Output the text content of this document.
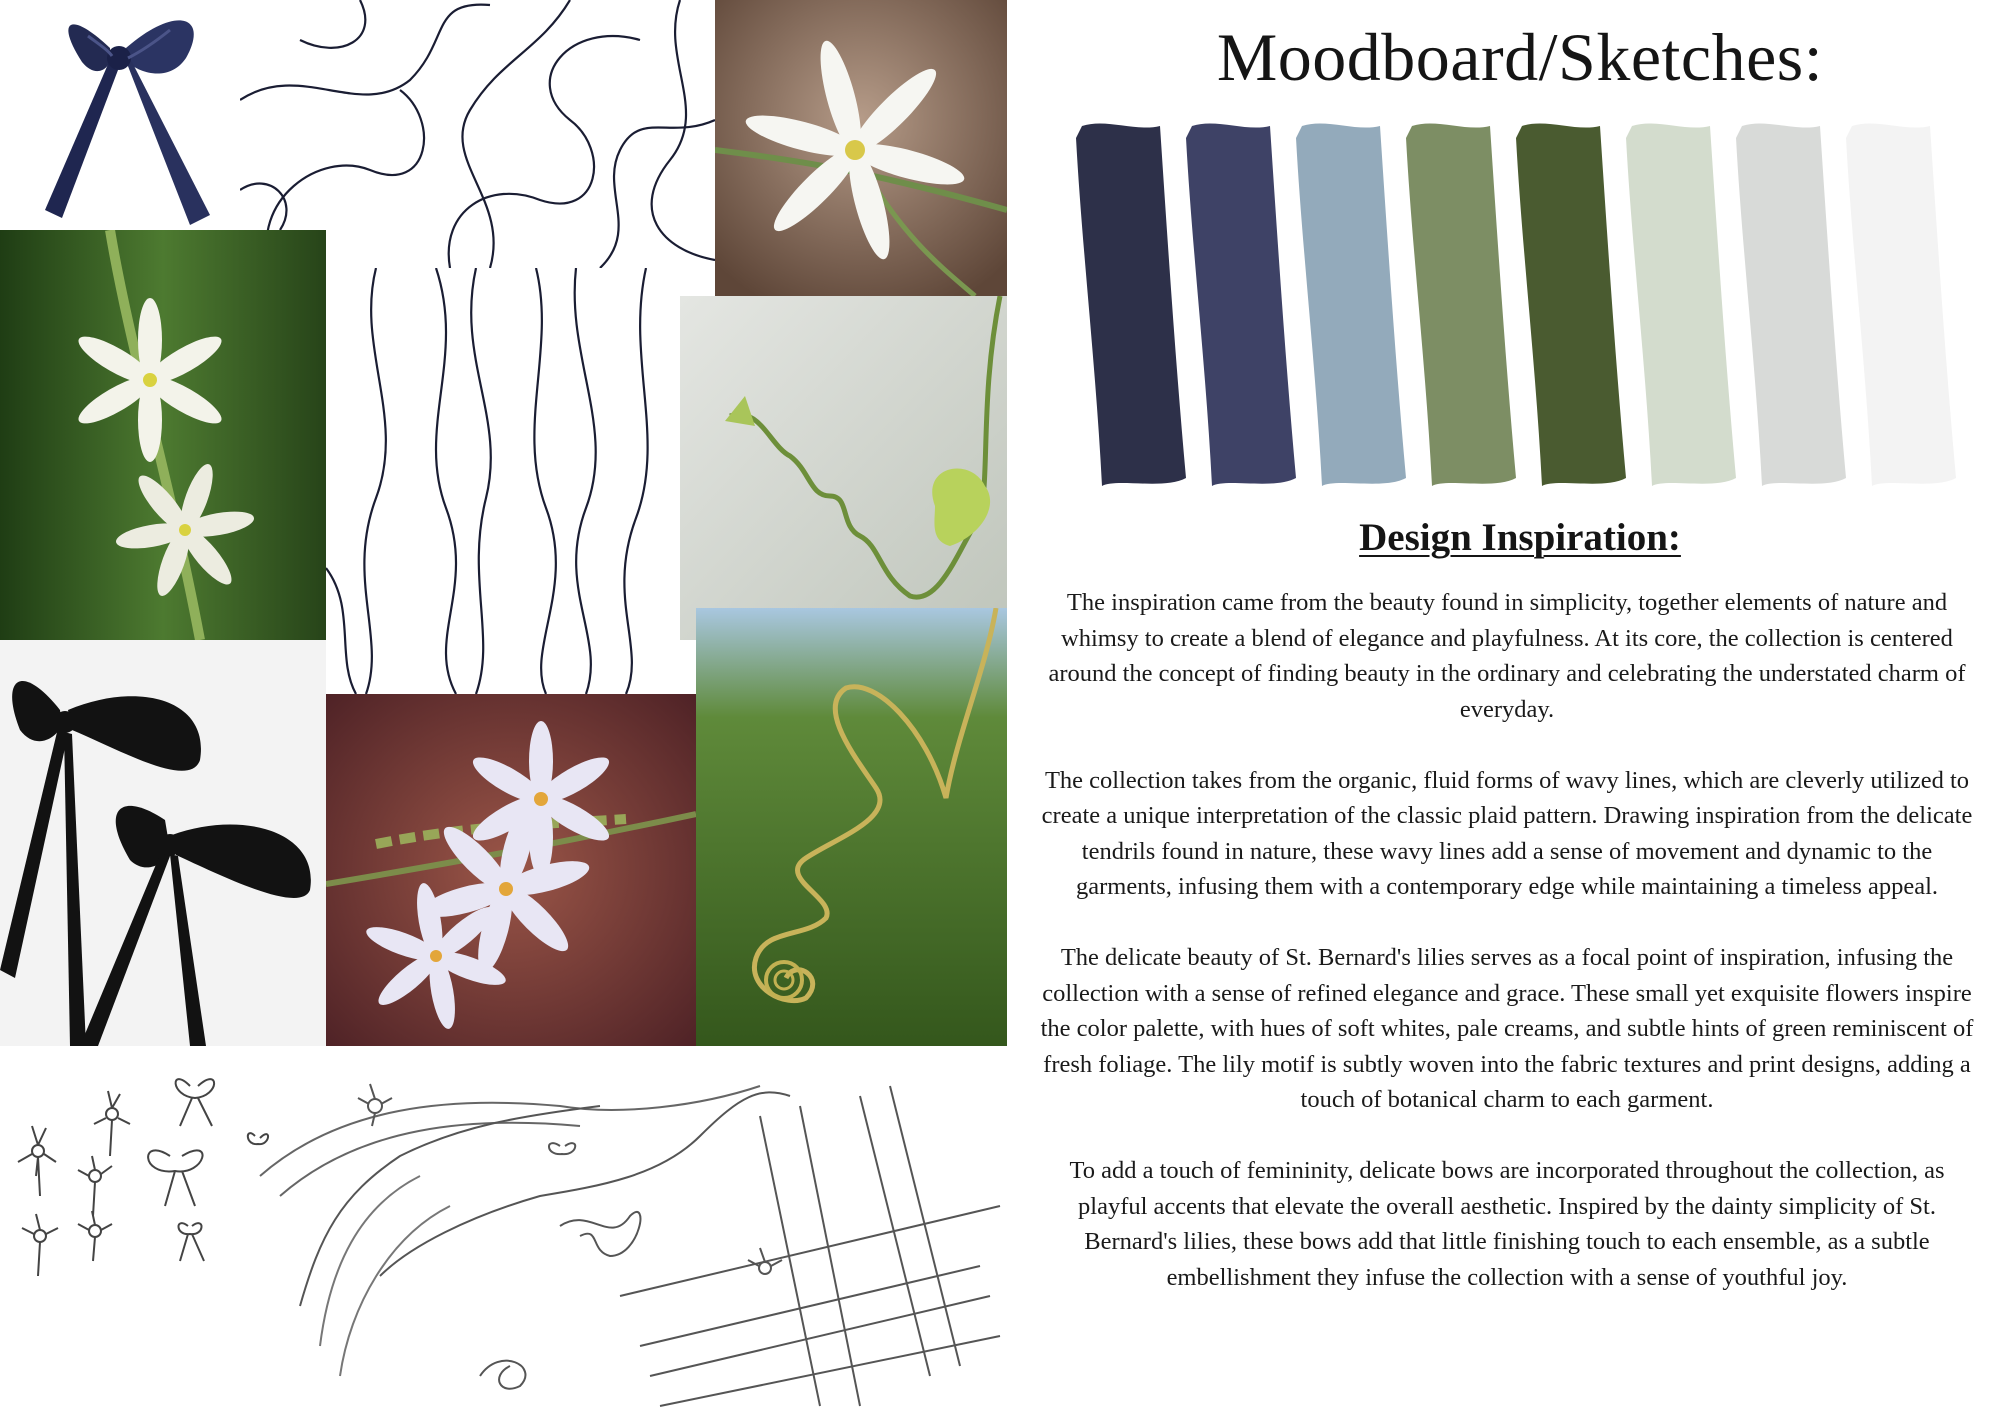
Moodboard/Sketches:
Design Inspiration:

The inspiration came from the beauty found in simplicity, together elements of nature and whimsy to create a blend of elegance and playfulness. At its core, the collection is centered around the concept of finding beauty in the ordinary and celebrating the understated charm of everyday.

The collection takes from the organic, fluid forms of wavy lines, which are cleverly utilized to create a unique interpretation of the classic plaid pattern. Drawing inspiration from the delicate tendrils found in nature, these wavy lines add a sense of movement and dynamic to the garments, infusing them with a contemporary edge while maintaining a timeless appeal.

The delicate beauty of St. Bernard's lilies serves as a focal point of inspiration, infusing the collection with a sense of refined elegance and grace. These small yet exquisite flowers inspire the color palette, with hues of soft whites, pale creams, and subtle hints of green reminiscent of fresh foliage. The lily motif is subtly woven into the fabric textures and print designs, adding a touch of botanical charm to each garment.

To add a touch of femininity, delicate bows are incorporated throughout the collection, as playful accents that elevate the overall aesthetic. Inspired by the dainty simplicity of St. Bernard's lilies, these bows add that little finishing touch to each ensemble, as a subtle embellishment they infuse the collection with a sense of youthful joy.
